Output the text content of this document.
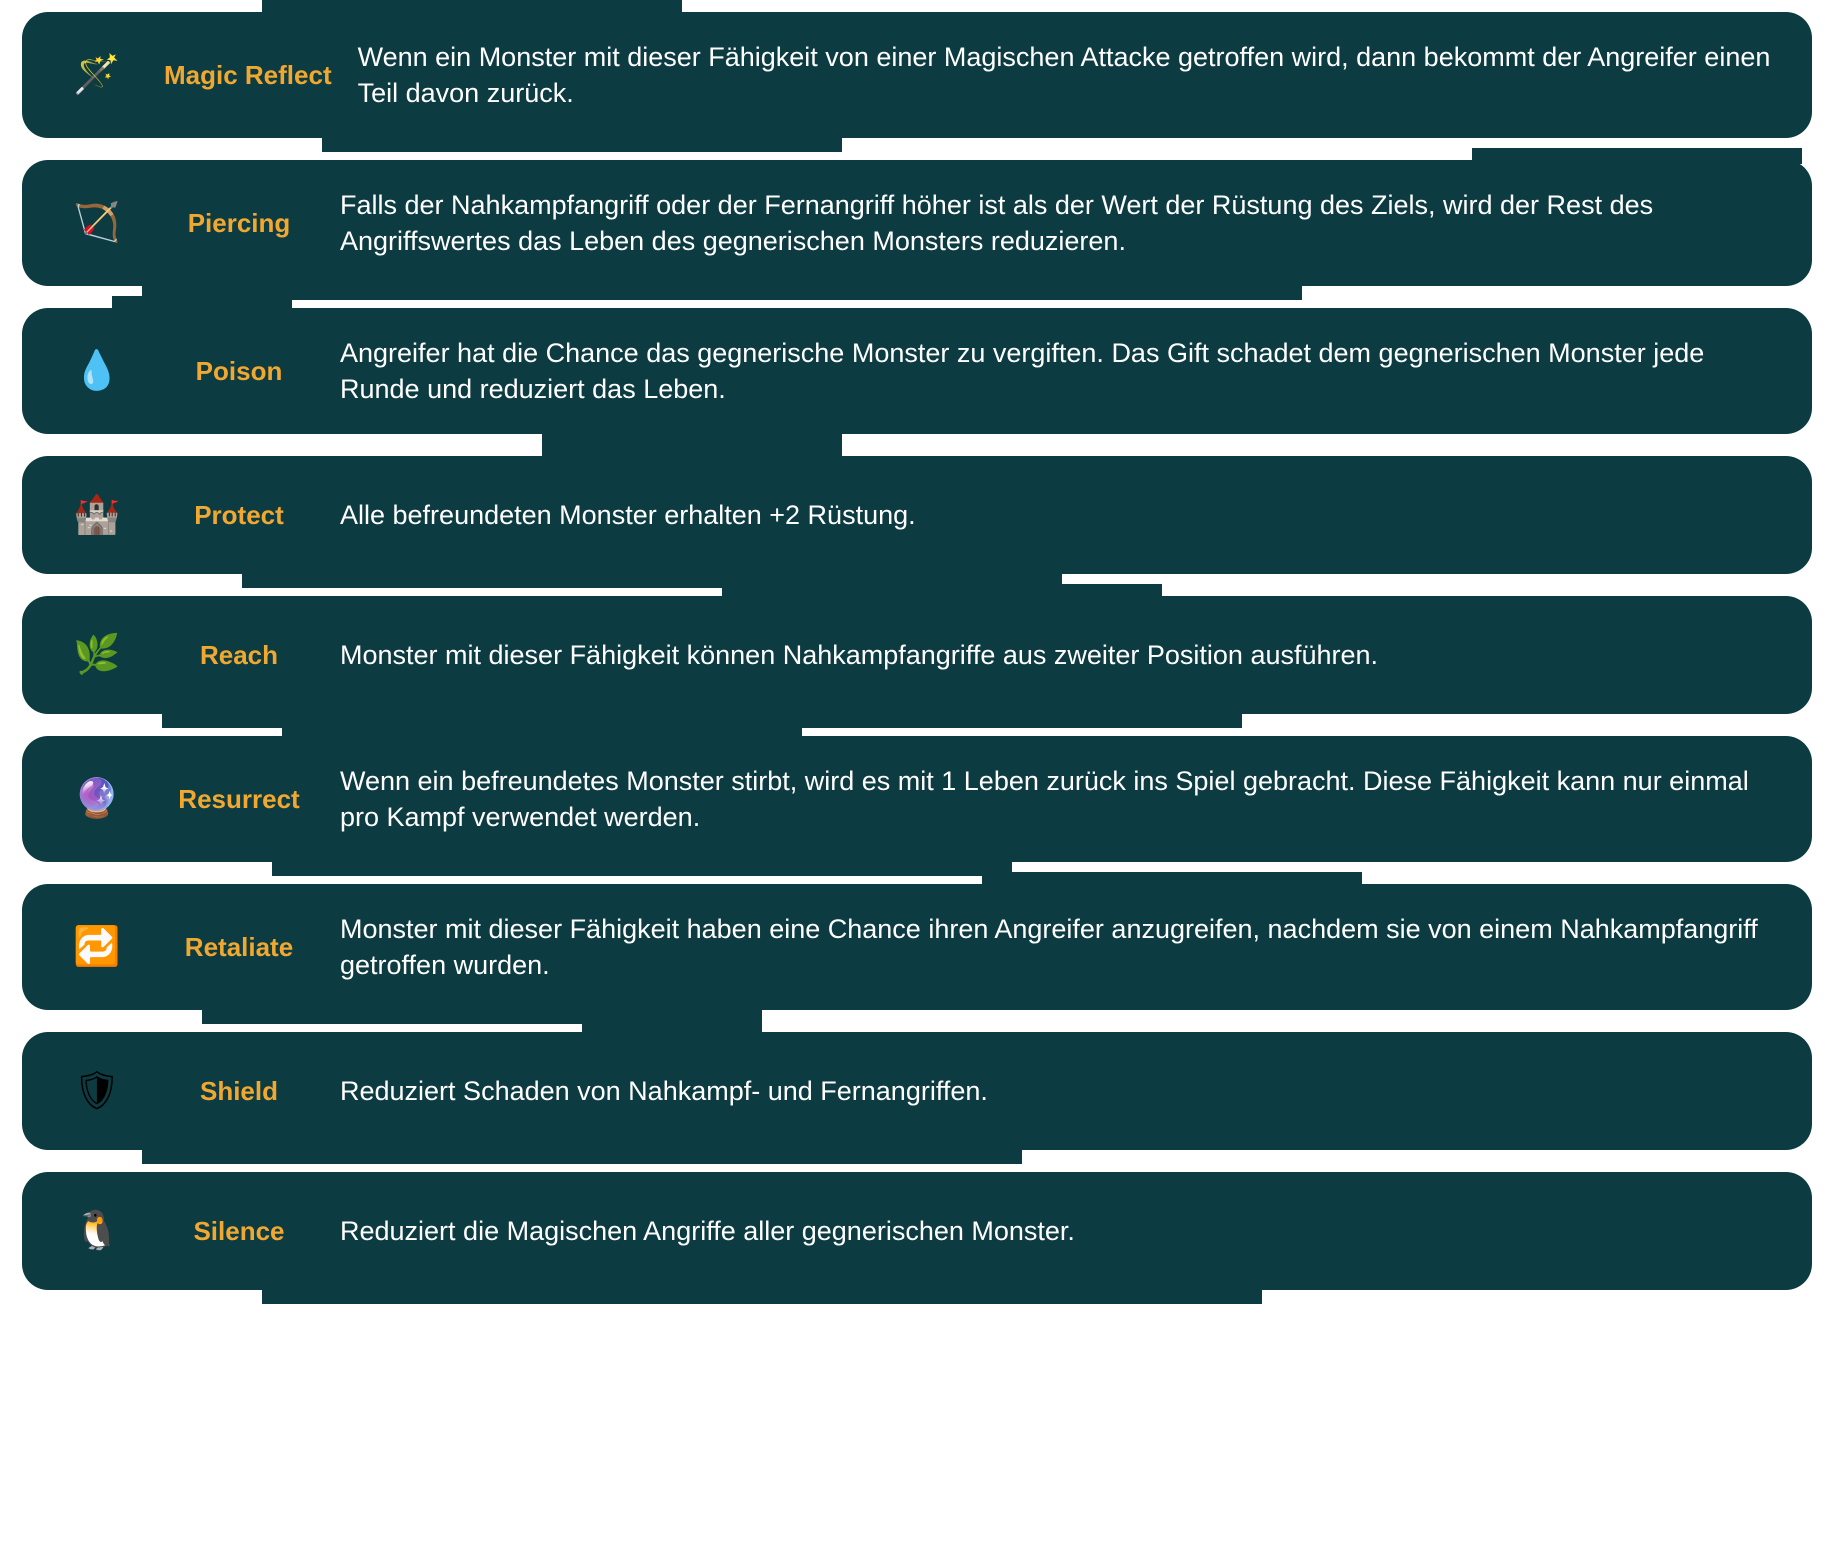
🪄	Magic Reflect
Wenn ein Monster mit dieser Fähigkeit von einer Magischen Attacke getroffen wird, dann bekommt der Angreifer einen Teil davon zurück.
🏹	Piercing
Falls der Nahkampfangriff oder der Fernangriff höher ist als der Wert der Rüstung des Ziels, wird der Rest des Angriffswertes das Leben des gegnerischen Monsters reduzieren.
💧	Poison
Angreifer hat die Chance das gegnerische Monster zu vergiften. Das Gift schadet dem gegnerischen Monster jede Runde und reduziert das Leben.
🏰	Protect	Alle befreundeten Monster erhalten +2 Rüstung.
🌿	Reach	Monster mit dieser Fähigkeit können Nahkampfangriffe aus zweiter Position ausführen.
🔮	Resurrect
Wenn ein befreundetes Monster stirbt, wird es mit 1 Leben zurück ins Spiel gebracht. Diese Fähigkeit kann nur einmal pro Kampf verwendet werden.
🔁	Retaliate
Monster mit dieser Fähigkeit haben eine Chance ihren Angreifer anzugreifen, nachdem sie von einem Nahkampfangriff getroffen wurden.
🛡	Shield	Reduziert Schaden von Nahkampf- und Fernangriffen.
🐧	Silence	Reduziert die Magischen Angriffe aller gegnerischen Monster.
